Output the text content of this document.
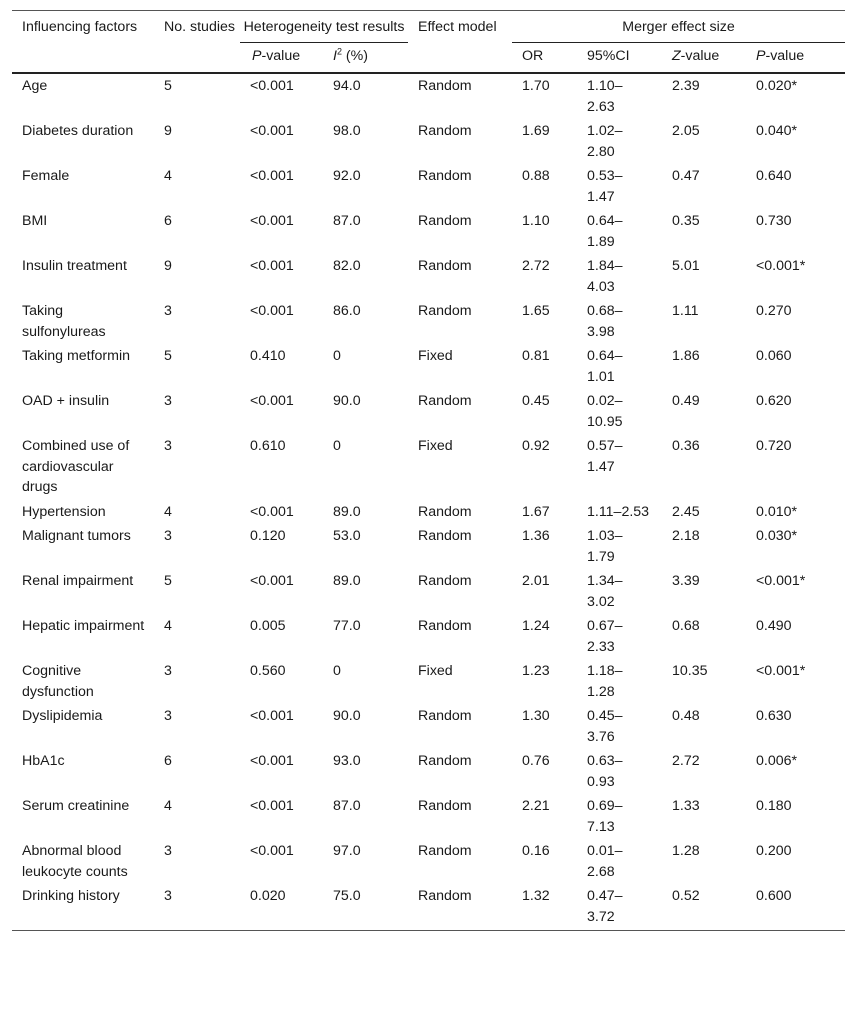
Influencing factors	No. studies	Heterogeneity test results		Effect model	Merger effect size			
		P-value	$I^2$ (%)		OR	95%CI	Z-value	P-value
Age	5	<0.001	94.0	Random	1.70	1.10–2.63	2.39	0.020*
Diabetes duration	9	<0.001	98.0	Random	1.69	1.02–2.80	2.05	0.040*
Female	4	<0.001	92.0	Random	0.88	0.53–1.47	0.47	0.640
BMI	6	<0.001	87.0	Random	1.10	0.64–1.89	0.35	0.730
Insulin treatment	9	<0.001	82.0	Random	2.72	1.84–4.03	5.01	<0.001*
Taking sulfonylureas	3	<0.001	86.0	Random	1.65	0.68–3.98	1.11	0.270
Taking metformin	5	0.410	0	Fixed	0.81	0.64–1.01	1.86	0.060
OAD + insulin	3	<0.001	90.0	Random	0.45	0.02–10.95	0.49	0.620
Combined use of cardiovascular drugs	3	0.610	0	Fixed	0.92	0.57–1.47	0.36	0.720
Hypertension	4	<0.001	89.0	Random	1.67	1.11–2.53	2.45	0.010*
Malignant tumors	3	0.120	53.0	Random	1.36	1.03–1.79	2.18	0.030*
Renal impairment	5	<0.001	89.0	Random	2.01	1.34–3.02	3.39	<0.001*
Hepatic impairment	4	0.005	77.0	Random	1.24	0.67–2.33	0.68	0.490
Cognitive dysfunction	3	0.560	0	Fixed	1.23	1.18–1.28	10.35	<0.001*
Dyslipidemia	3	<0.001	90.0	Random	1.30	0.45–3.76	0.48	0.630
HbA1c	6	<0.001	93.0	Random	0.76	0.63–0.93	2.72	0.006*
Serum creatinine	4	<0.001	87.0	Random	2.21	0.69–7.13	1.33	0.180
Abnormal blood leukocyte counts	3	<0.001	97.0	Random	0.16	0.01–2.68	1.28	0.200
Drinking history	3	0.020	75.0	Random	1.32	0.47–3.72	0.52	0.600
